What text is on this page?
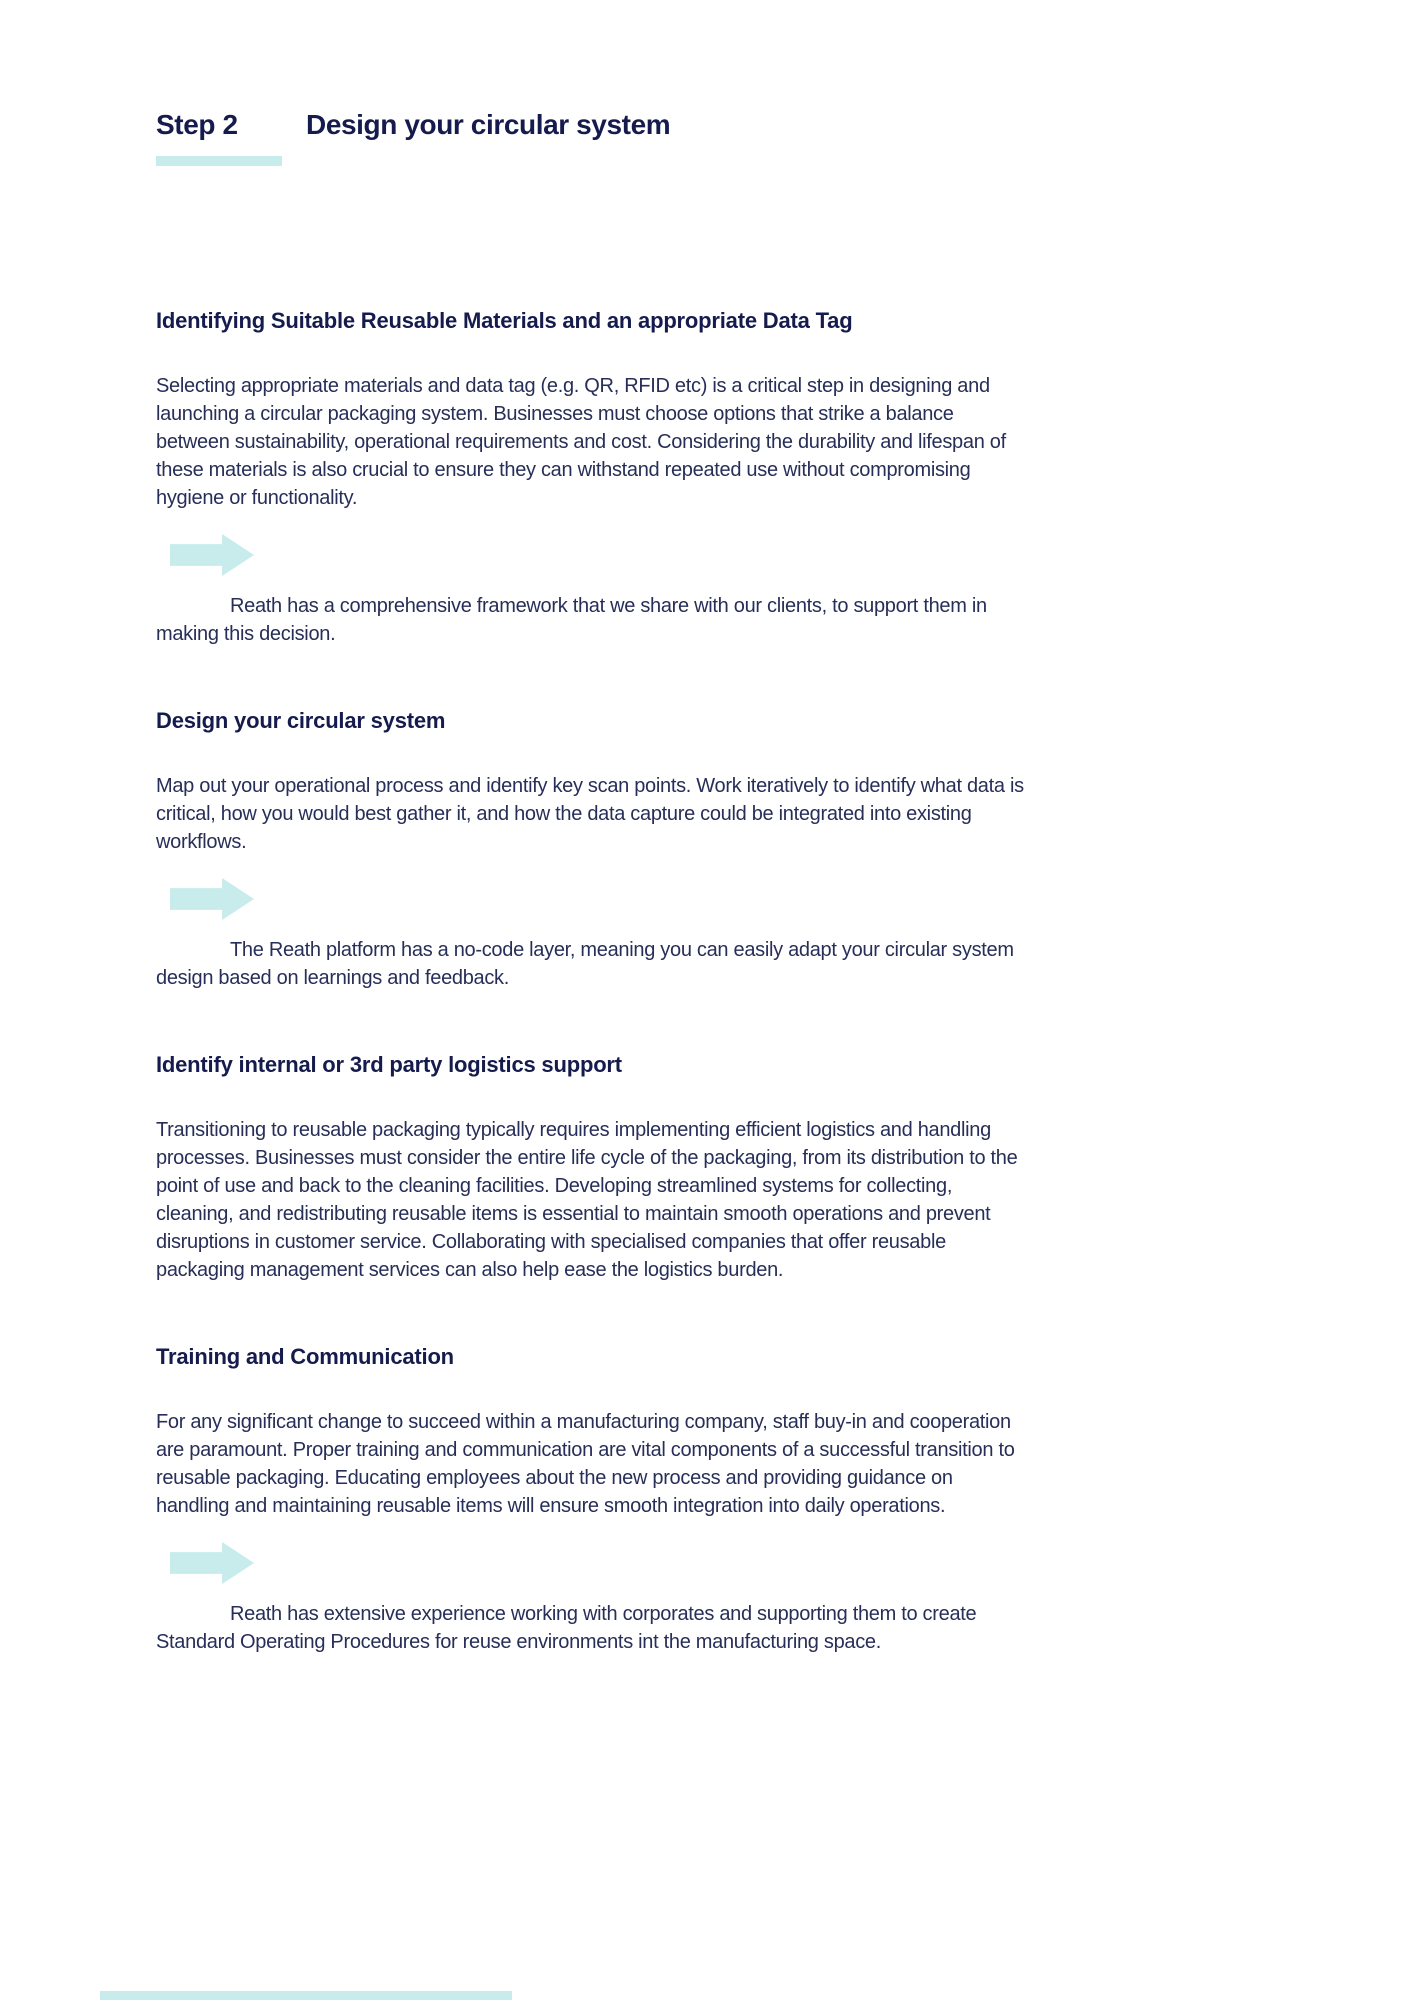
Step 2	Design your circular system
Identifying Suitable Reusable Materials and an appropriate Data Tag

Selecting appropriate materials and data tag (e.g. QR, RFID etc) is a critical step in designing and launching a circular packaging system. Businesses must choose options that strike a balance between sustainability, operational requirements and cost. Considering the durability and lifespan of these materials is also crucial to ensure they can withstand repeated use without compromising hygiene or functionality.

Reath has a comprehensive framework that we share with our clients, to support them in making this decision.

Design your circular system

Map out your operational process and identify key scan points. Work iteratively to identify what data is critical, how you would best gather it, and how the data capture could be integrated into existing workflows.

The Reath platform has a no-code layer, meaning you can easily adapt your circular system design based on learnings and feedback.

Identify internal or 3rd party logistics support

Transitioning to reusable packaging typically requires implementing efficient logistics and handling processes. Businesses must consider the entire life cycle of the packaging, from its distribution to the point of use and back to the cleaning facilities. Developing streamlined systems for collecting, cleaning, and redistributing reusable items is essential to maintain smooth operations and prevent disruptions in customer service. Collaborating with specialised companies that offer reusable packaging management services can also help ease the logistics burden.

Training and Communication

For any significant change to succeed within a manufacturing company, staff buy-in and cooperation are paramount. Proper training and communication are vital components of a successful transition to reusable packaging. Educating employees about the new process and providing guidance on handling and maintaining reusable items will ensure smooth integration into daily operations.

Reath has extensive experience working with corporates and supporting them to create Standard Operating Procedures for reuse environments int the manufacturing space.
